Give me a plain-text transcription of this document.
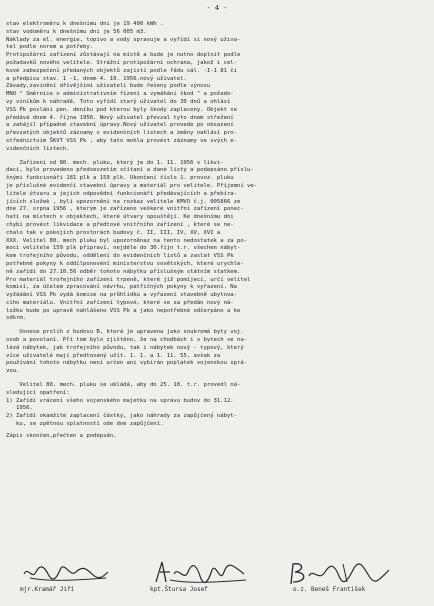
- 4 -
stav elektroměru k dnešnímu dni je 19 490 kWh .
stav vodoměru k dnešnímu dni je 56 005 m3.
Náklady za el. energie, topivo a vody spravuje a vyřídí si nový uživa-
tel podle norem a potřeby.
Protipožární zařízení zůstávají na místě a bude je nutno doplnit podle
požadavků nového velitele. Strážní protipožární ochrana, jakož i cel-
kové zabezpečení předaných objektů zajistí podle řádu sál. -I-1 81 či
a předpisu stav. 1 -1, dnem 4. 10. 1956.nový uživatel.
Závady,zavinění dřívějšími uživateli bude řešeny podle výnosu
MNO " Směrnice o administrativním řízení a vymáhání škod " a požado-
vy viníkům k náhradě. Toto vyřídí starý uživatel do 30 dnů a ohlásí
VSS Pk poslání pen. deníku pod kterou byly škody zaplaceny. Objekt se
předává dnem 4. října 1956. Nový uživatel převzal tyto dnem střežení
a zahájil případné stavební úpravy.Nový uživatel provede po obsazení
převzatých objektů záznamy v evidenčních listech a změny nahlásí pro-
střednictvím ŠKVT VSS Pk , aby tato mohla provést záznamy ve svých e-
videnčních listech.
Zařízení od 80. mech. pluku, který je do 1. 11. 1956 v likvi-
daci, bylo provedeno předsevzetím sčítaní a dané listy a podepsáno příslu-
šnými funkcionáři 181 plk a 159 plk. Ukončení číslo 1. provoz. pluku
je příslušné evidenčí stavební úpravy a materiál pro velitele. Příjemní ve-
litele útvaru a jejich odpovědní funkcionáři předávajících a přebíra-
jících složek , byli upozorněni na rozkaz velitele KMVO č.j. 005866 ze
dne 27. srpna 1956 , kterým je zařízeno veškeré vnitřní zařízení ponec-
hati na místech v objektech, které útvary opouštějí. Ke dnešnímu dni
chybí provést likvidace a předtové vnitřního zařízení , které se ne-
chalo tak v pokojích prostorách budovy č. II, III, IV, XV, XVI a
XXX. Velitel 80. mech pluku byl upozorněnaz na tento nedostatek a za po-
moci velitele 159 plk připraví, nejdéle do 30.říjn t.r. všechen nábyt-
kem trofejního původu, oddělení do evidenčních listů a zaslat VSS Pk
potřebné pokyny k oddílponovéní ministerstvu sovětských, které urychle-
ně zařídí do 27.10.56 odběr tohoto nábytku příslušným státním statkem.
Pro materiál trofejního zařízení trpeně, které již pomíjecí, určí velitel
komisí, za účelem zpracování návrhu, patřičných pokyny k vyřazení. Na
vyžádání VSS Pk vydá komise na průhlídku a vyřazení stavebně ubytova-
cího materiálu. Vnitřní zařízení typové, které se za předán nový ná-
ložku bude po upravě nahlášeno VSS Pk a jako nepotřebné odčerpáno a ke
sdkrm.
Usnese prolíh z budovu B, která je upravena jako soukromé byty voj.
osob a povolaní. Při tom bylo zjištěno, že na chodbách i v bytech se na-
lézá nábytek, jak trofejního původu, tak i nábytek nový - typový, který
více uživatelé mají předtovaný užít. 1. 1. a 1. 11. 55, avšak za
používání tohoto nábytku není určen ani vybírán poplatek vojenskou sprá-
vou.
Velitel 80. mech. pluku se ukládá, aby do 25. 10. t.r. provedl ná-
sledující opatření:
1) Zařídí vrácení všeho vojenského majetku na správu budov do 31.12.
1956.
2) Zařídí okamžité zaplacení částky, jako náhrady za zapůjčený nábyt-
ku, se zpětnou splatností ode dne zapůjčení.
Zápis skončen,přečten a podepsán.
mjr.Kramář Jiří	kpt.Štursa Josef	o.z. Beneš František
